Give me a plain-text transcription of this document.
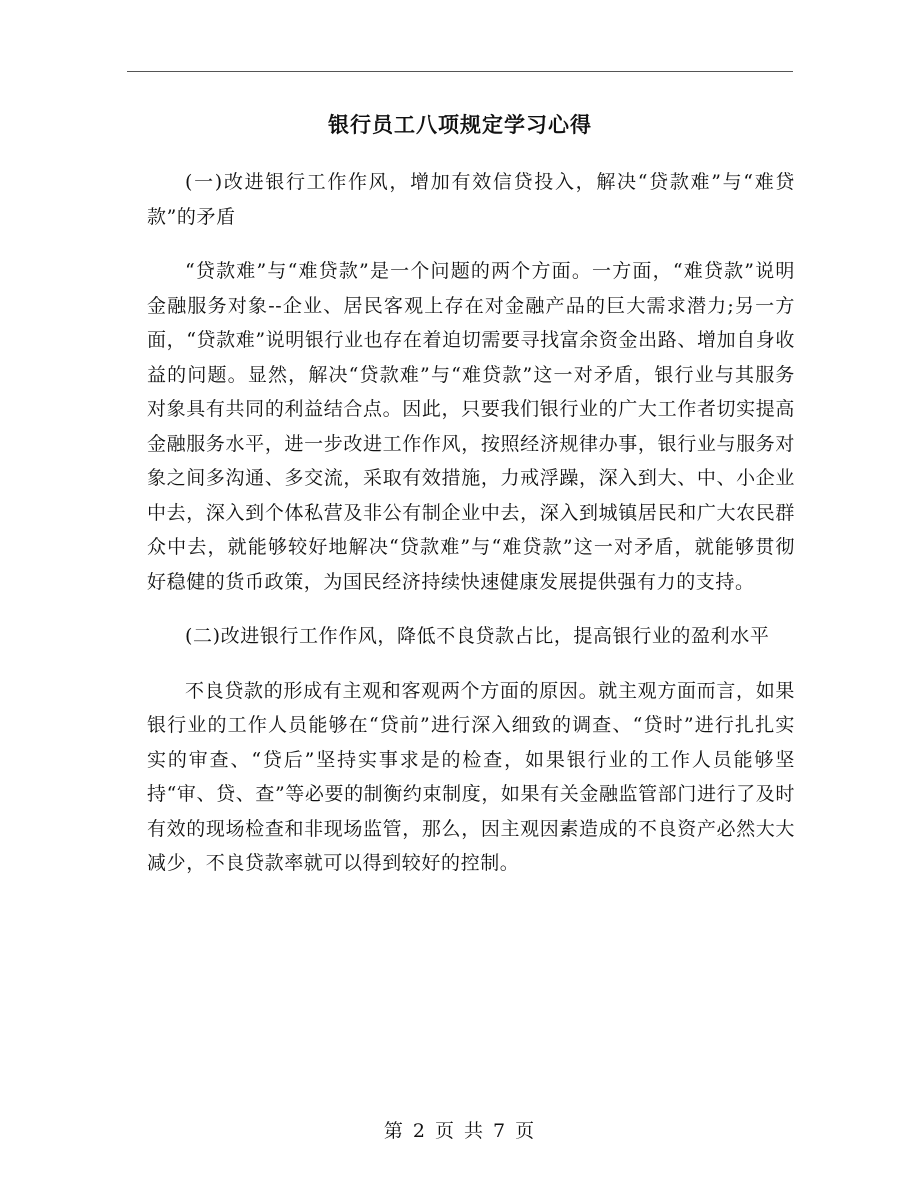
银行员工八项规定学习心得

(一)改进银行工作作风，增加有效信贷投入，解决“贷款难”与“难贷款”的矛盾

“贷款难”与“难贷款”是一个问题的两个方面。一方面，“难贷款”说明金融服务对象--企业、居民客观上存在对金融产品的巨大需求潜力;另一方面，“贷款难”说明银行业也存在着迫切需要寻找富余资金出路、增加自身收益的问题。显然，解决“贷款难”与“难贷款”这一对矛盾，银行业与其服务对象具有共同的利益结合点。因此，只要我们银行业的广大工作者切实提高金融服务水平，进一步改进工作作风，按照经济规律办事，银行业与服务对象之间多沟通、多交流，采取有效措施，力戒浮躁，深入到大、中、小企业中去，深入到个体私营及非公有制企业中去，深入到城镇居民和广大农民群众中去，就能够较好地解决“贷款难”与“难贷款”这一对矛盾，就能够贯彻好稳健的货币政策，为国民经济持续快速健康发展提供强有力的支持。

(二)改进银行工作作风，降低不良贷款占比，提高银行业的盈利水平

不良贷款的形成有主观和客观两个方面的原因。就主观方面而言，如果银行业的工作人员能够在“贷前”进行深入细致的调查、“贷时”进行扎扎实实的审查、“贷后”坚持实事求是的检查，如果银行业的工作人员能够坚持“审、贷、查”等必要的制衡约束制度，如果有关金融监管部门进行了及时有效的现场检查和非现场监管，那么，因主观因素造成的不良资产必然大大减少，不良贷款率就可以得到较好的控制。

第 2 页 共 7 页
